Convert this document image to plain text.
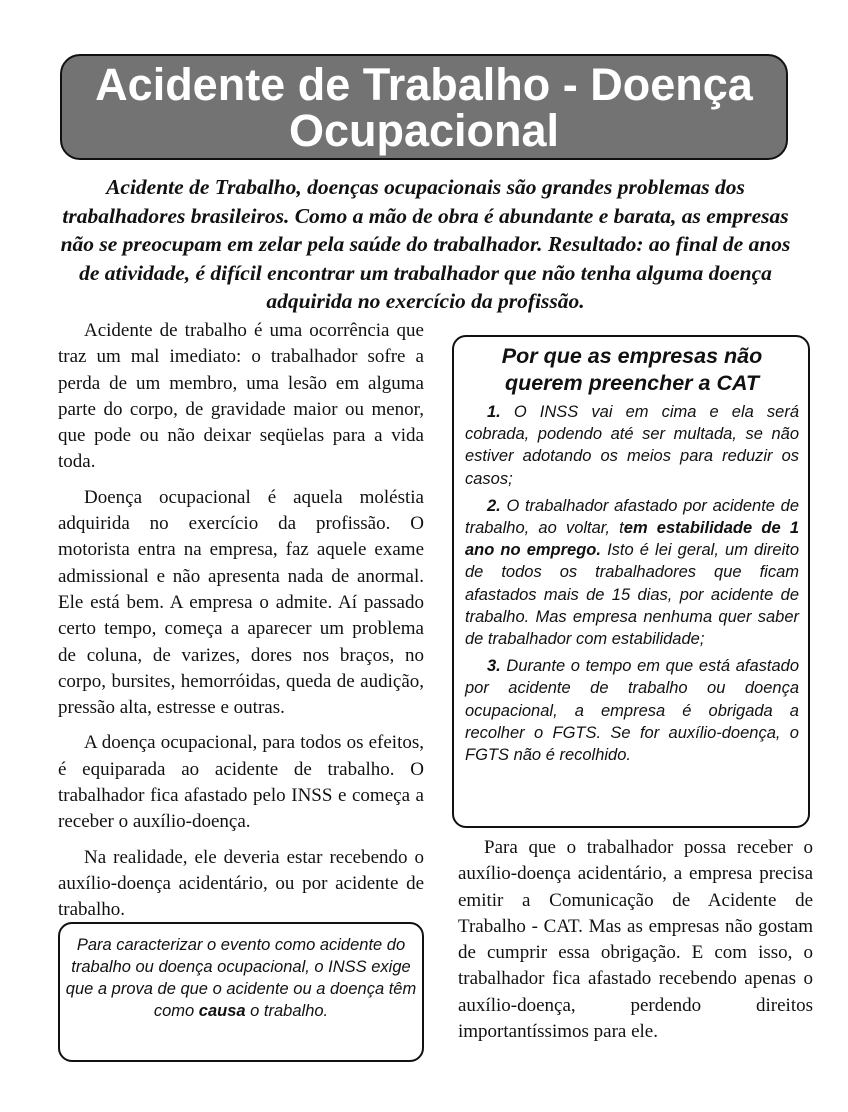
Acidente de Trabalho - Doença
Ocupacional
Acidente de Trabalho, doenças ocupacionais são grandes problemas dos trabalhadores brasileiros. Como a mão de obra é abundante e barata, as empresas não se preocupam em zelar pela saúde do trabalhador. Resultado: ao final de anos de atividade, é difícil encontrar um trabalhador que não tenha alguma doença adquirida no exercício da profissão.

Acidente de trabalho é uma ocorrência que traz um mal imediato: o trabalhador sofre a perda de um membro, uma lesão em alguma parte do corpo, de gravidade maior ou menor, que pode ou não deixar seqüelas para a vida toda.

Doença ocupacional é aquela moléstia adquirida no exercício da profissão. O motorista entra na empresa, faz aquele exame admissional e não apresenta nada de anormal. Ele está bem. A empresa o admite. Aí passado certo tempo, começa a aparecer um problema de coluna, de varizes, dores nos braços, no corpo, bursites, hemorróidas, queda de audição, pressão alta, estresse e outras.

A doença ocupacional, para todos os efeitos, é equiparada ao acidente de trabalho. O trabalhador fica afastado pelo INSS e começa a receber o auxílio-doença.

Na realidade, ele deveria estar recebendo o auxílio-doença acidentário, ou por acidente de trabalho.

Para caracterizar o evento como acidente do trabalho ou doença ocupacional, o INSS exige que a prova de que o acidente ou a doença têm como causa o trabalho.
Por que as empresas não querem preencher a CAT

1. O INSS vai em cima e ela será cobrada, podendo até ser multada, se não estiver adotando os meios para reduzir os casos;

2. O trabalhador afastado por acidente de trabalho, ao voltar, tem estabilidade de 1 ano no emprego. Isto é lei geral, um direito de todos os trabalhadores que ficam afastados mais de 15 dias, por acidente de trabalho. Mas empresa nenhuma quer saber de trabalhador com estabilidade;

3. Durante o tempo em que está afastado por acidente de trabalho ou doença ocupacional, a empresa é obrigada a recolher o FGTS. Se for auxílio-doença, o FGTS não é recolhido.

Para que o trabalhador possa receber o auxílio-doença acidentário, a empresa precisa emitir a Comunicação de Acidente de Trabalho - CAT. Mas as empresas não gostam de cumprir essa obrigação. E com isso, o trabalhador fica afastado recebendo apenas o auxílio-doença, perdendo direitos importantíssimos para ele.
